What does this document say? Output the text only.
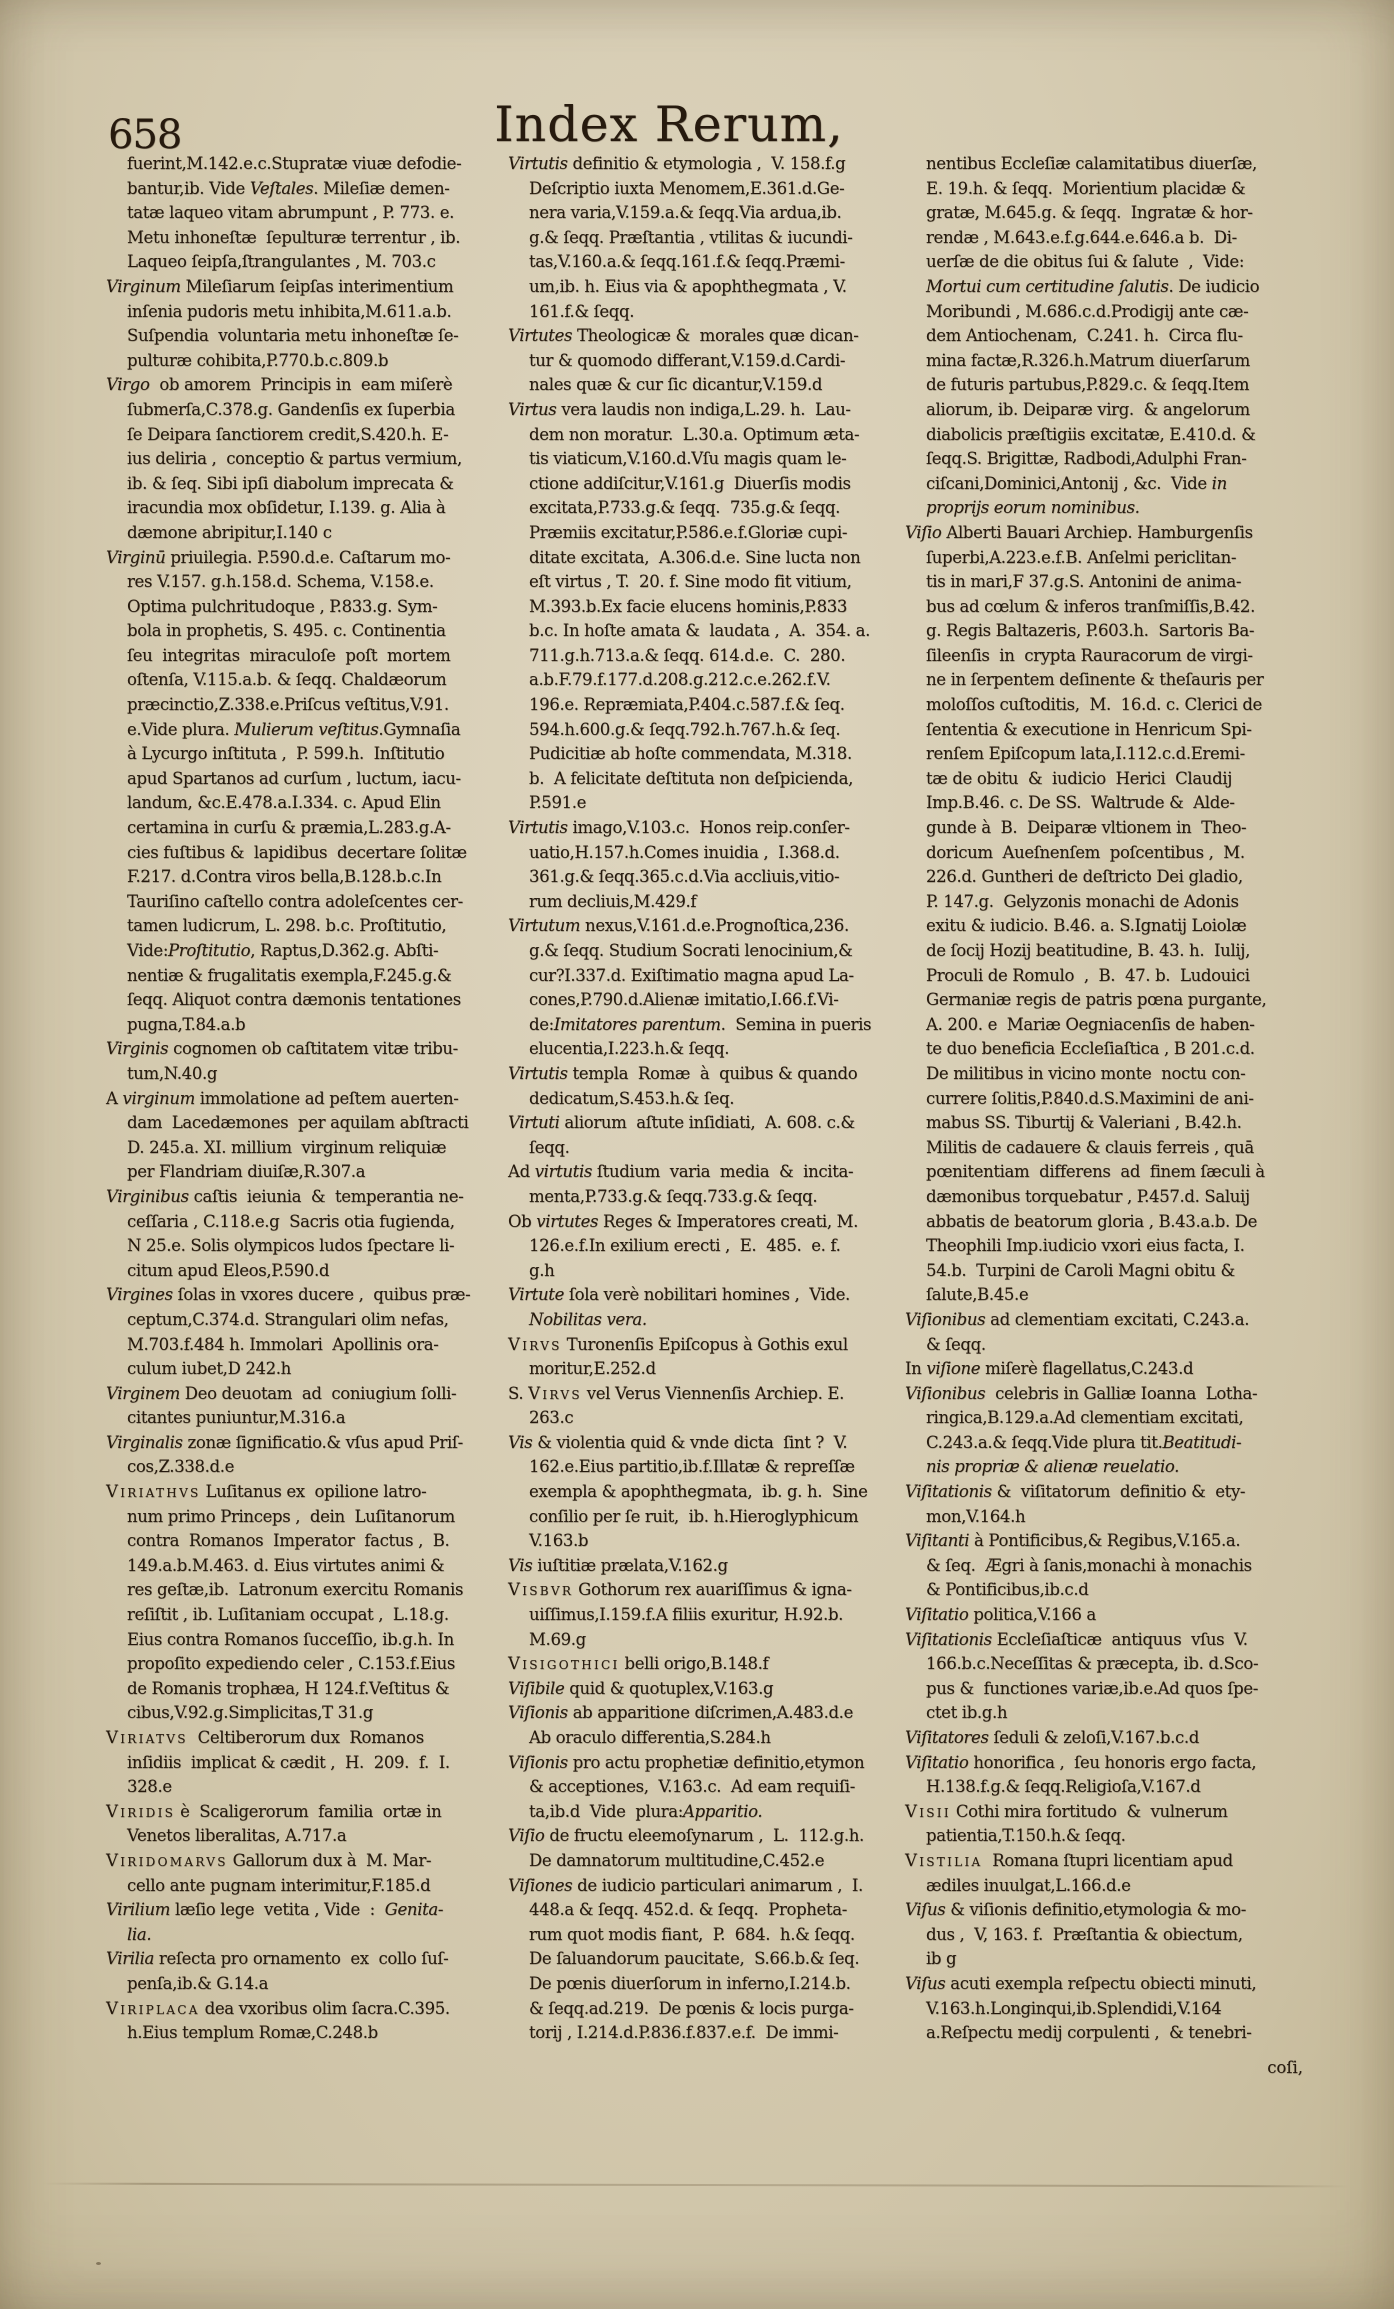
658	Index Rerum,
fuerint,M.142.e.c.Stupratæ viuæ defodie-
bantur,ib. Vide Veſtales. Mileſiæ demen-
tatæ laqueo vitam abrumpunt , P. 773. e.
Metu inhoneſtæ  ſepulturæ terrentur , ib.
Laqueo ſeipſa,ſtrangulantes , M. 703.c
Virginum Mileſiarum ſeipſas interimentium
inſenia pudoris metu inhibita,M.611.a.b.
Suſpendia  voluntaria metu inhoneſtæ ſe-
pulturæ cohibita,P.770.b.c.809.b
Virgo  ob amorem  Principis in  eam miſerè
ſubmerſa,C.378.g. Gandenſis ex ſuperbia
ſe Deipara ſanctiorem credit,S.420.h. E-
ius deliria ,  conceptio & partus vermium,
ib. & ſeq. Sibi ipſi diabolum imprecata &
iracundia mox obſidetur, I.139. g. Alia à
dæmone abripitur,I.140 c
Virginū priuilegia. P.590.d.e. Caſtarum mo-
res V.157. g.h.158.d. Schema, V.158.e.
Optima pulchritudoque , P.833.g. Sym-
bola in prophetis, S. 495. c. Continentia
ſeu  integritas  miraculoſe  poſt  mortem
oſtenſa, V.115.a.b. & ſeqq. Chaldæorum
præcinctio,Z.338.e.Priſcus veſtitus,V.91.
e.Vide plura. Mulierum veſtitus.Gymnaſia
à Lycurgo inſtituta ,  P. 599.h.  Inſtitutio
apud Spartanos ad curſum , luctum, iacu-
landum, &c.E.478.a.I.334. c. Apud Elin
certamina in curſu & præmia,L.283.g.A-
cies fuſtibus &  lapidibus  decertare ſolitæ
F.217. d.Contra viros bella,B.128.b.c.In
Tauriſino caſtello contra adoleſcentes cer-
tamen ludicrum, L. 298. b.c. Proſtitutio,
Vide:Proſtitutio, Raptus,D.362.g. Abſti-
nentiæ & frugalitatis exempla,F.245.g.&
ſeqq. Aliquot contra dæmonis tentationes
pugna,T.84.a.b
Virginis cognomen ob caſtitatem vitæ tribu-
tum,N.40.g
A virginum immolatione ad peſtem auerten-
dam  Lacedæmones  per aquilam abſtracti
D. 245.a. XI. millium  virginum reliquiæ
per Flandriam diuiſæ,R.307.a
Virginibus caſtis  ieiunia  &  temperantia ne-
ceſſaria , C.118.e.g  Sacris otia fugienda,
N 25.e. Solis olympicos ludos ſpectare li-
citum apud Eleos,P.590.d
Virgines ſolas in vxores ducere ,  quibus præ-
ceptum,C.374.d. Strangulari olim nefas,
M.703.f.484 h. Immolari  Apollinis ora-
culum iubet,D 242.h
Virginem Deo deuotam  ad  coniugium ſolli-
citantes puniuntur,M.316.a
Virginalis zonæ ſignificatio.& vſus apud Priſ-
cos,Z.338.d.e
Viriathvs Luſitanus ex  opilione latro-
num primo Princeps ,  dein  Luſitanorum
contra  Romanos  Imperator  factus ,  B.
149.a.b.M.463. d. Eius virtutes animi &
res geſtæ,ib.  Latronum exercitu Romanis
reſiſtit , ib. Luſitaniam occupat ,  L.18.g.
Eius contra Romanos ſucceſſio, ib.g.h. In
propoſito expediendo celer , C.153.f.Eius
de Romanis trophæa, H 124.f.Veſtitus &
cibus,V.92.g.Simplicitas,T 31.g
Viriatvs  Celtiberorum dux  Romanos
inſidiis  implicat & cædit ,  H.  209.  f.  I.
328.e
Viridis è  Scaligerorum  familia  ortæ in
Venetos liberalitas, A.717.a
Viridomarvs Gallorum dux à  M. Mar-
cello ante pugnam interimitur,F.185.d
Virilium læſio lege  vetita , Vide  :  Genita-
lia.
Virilia reſecta pro ornamento  ex  collo ſuſ-
penſa,ib.& G.14.a
Viriplaca dea vxoribus olim ſacra.C.395.
h.Eius templum Romæ,C.248.b
Virtutis definitio & etymologia ,  V. 158.f.g
Deſcriptio iuxta Menomem,E.361.d.Ge-
nera varia,V.159.a.& ſeqq.Via ardua,ib.
g.& ſeqq. Præſtantia , vtilitas & iucundi-
tas,V.160.a.& ſeqq.161.f.& ſeqq.Præmi-
um,ib. h. Eius via & apophthegmata , V.
161.f.& ſeqq.
Virtutes Theologicæ &  morales quæ dican-
tur & quomodo differant,V.159.d.Cardi-
nales quæ & cur ſic dicantur,V.159.d
Virtus vera laudis non indiga,L.29. h.  Lau-
dem non moratur.  L.30.a. Optimum æta-
tis viaticum,V.160.d.Vſu magis quam le-
ctione addiſcitur,V.161.g  Diuerſis modis
excitata,P.733.g.& ſeqq.  735.g.& ſeqq.
Præmiis excitatur,P.586.e.f.Gloriæ cupi-
ditate excitata,  A.306.d.e. Sine lucta non
eſt virtus , T.  20. f. Sine modo fit vitium,
M.393.b.Ex facie elucens hominis,P.833
b.c. In hoſte amata &  laudata ,  A.  354. a.
711.g.h.713.a.& ſeqq. 614.d.e.  C.  280.
a.b.F.79.f.177.d.208.g.212.c.e.262.f.V.
196.e. Repræmiata,P.404.c.587.f.& ſeq.
594.h.600.g.& ſeqq.792.h.767.h.& ſeq.
Pudicitiæ ab hoſte commendata, M.318.
b.  A felicitate deſtituta non deſpicienda,
P.591.e
Virtutis imago,V.103.c.  Honos reip.conſer-
uatio,H.157.h.Comes inuidia ,  I.368.d.
361.g.& ſeqq.365.c.d.Via accliuis,vitio-
rum decliuis,M.429.f
Virtutum nexus,V.161.d.e.Prognoſtica,236.
g.& ſeqq. Studium Socrati lenocinium,&
cur?I.337.d. Exiſtimatio magna apud La-
cones,P.790.d.Alienæ imitatio,I.66.f.Vi-
de:Imitatores parentum.  Semina in pueris
elucentia,I.223.h.& ſeqq.
Virtutis templa  Romæ  à  quibus & quando
dedicatum,S.453.h.& ſeq.
Virtuti aliorum  aſtute inſidiati,  A. 608. c.&
ſeqq.
Ad virtutis ſtudium  varia  media  &  incita-
menta,P.733.g.& ſeqq.733.g.& ſeqq.
Ob virtutes Reges & Imperatores creati, M.
126.e.f.In exilium erecti ,  E.  485.  e. f.
g.h
Virtute ſola verè nobilitari homines ,  Vide.
Nobilitas vera.
Virvs Turonenſis Epiſcopus à Gothis exul
moritur,E.252.d
S. Virvs vel Verus Viennenſis Archiep. E.
263.c
Vis & violentia quid & vnde dicta  ſint ?  V.
162.e.Eius partitio,ib.f.Illatæ & repreſſæ
exempla & apophthegmata,  ib. g. h.  Sine
conſilio per ſe ruit,  ib. h.Hieroglyphicum
V.163.b
Vis iuſtitiæ prælata,V.162.g
Visbvr Gothorum rex auariſſimus & igna-
uiſſimus,I.159.f.A filiis exuritur, H.92.b.
M.69.g
Visigothici belli origo,B.148.f
Viſibile quid & quotuplex,V.163.g
Viſionis ab apparitione diſcrimen,A.483.d.e
Ab oraculo differentia,S.284.h
Viſionis pro actu prophetiæ definitio,etymon
& acceptiones,  V.163.c.  Ad eam requiſi-
ta,ib.d  Vide  plura:Apparitio.
Viſio de fructu eleemoſynarum ,  L.  112.g.h.
De damnatorum multitudine,C.452.e
Viſiones de iudicio particulari animarum ,  I.
448.a & ſeqq. 452.d. & ſeqq.  Propheta-
rum quot modis fiant,  P.  684.  h.& ſeqq.
De ſaluandorum paucitate,  S.66.b.& ſeq.
De pœnis diuerſorum in inferno,I.214.b.
& ſeqq.ad.219.  De pœnis & locis purga-
torij , I.214.d.P.836.f.837.e.f.  De immi-
nentibus Eccleſiæ calamitatibus diuerſæ,
E. 19.h. & ſeqq.  Morientium placidæ &
gratæ, M.645.g. & ſeqq.  Ingratæ & hor-
rendæ , M.643.e.f.g.644.e.646.a b.  Di-
uerſæ de die obitus ſui & ſalute  ,  Vide:
Mortui cum certitudine ſalutis. De iudicio
Moribundi , M.686.c.d.Prodigij ante cæ-
dem Antiochenam,  C.241. h.  Circa flu-
mina factæ,R.326.h.Matrum diuerſarum
de futuris partubus,P.829.c. & ſeqq.Item
aliorum, ib. Deiparæ virg.  & angelorum
diabolicis præſtigiis excitatæ, E.410.d. &
ſeqq.S. Brigittæ, Radbodi,Adulphi Fran-
ciſcani,Dominici,Antonij , &c.  Vide in
proprijs eorum nominibus.
Viſio Alberti Bauari Archiep. Hamburgenſis
ſuperbi,A.223.e.f.B. Anſelmi periclitan-
tis in mari,F 37.g.S. Antonini de anima-
bus ad cœlum & inferos tranſmiſſis,B.42.
g. Regis Baltazeris, P.603.h.  Sartoris Ba-
ſileenſis  in  crypta Rauracorum de virgi-
ne in ſerpentem deſinente & theſauris per
moloſſos cuſtoditis,  M.  16.d. c. Clerici de
ſententia & executione in Henricum Spi-
renſem Epiſcopum lata,I.112.c.d.Eremi-
tæ de obitu  &  iudicio  Herici  Claudij
Imp.B.46. c. De SS.  Waltrude &  Alde-
gunde à  B.  Deiparæ vltionem in  Theo-
doricum  Aueſnenſem  poſcentibus ,  M.
226.d. Guntheri de deſtricto Dei gladio,
P. 147.g.  Gelyzonis monachi de Adonis
exitu & iudicio. B.46. a. S.Ignatij Loiolæ
de ſocij Hozij beatitudine, B. 43. h.  Iulij,
Proculi de Romulo  ,  B.  47. b.  Ludouici
Germaniæ regis de patris pœna purgante,
A. 200. e  Mariæ Oegniacenſis de haben-
te duo beneficia Eccleſiaſtica , B 201.c.d.
De militibus in vicino monte  noctu con-
currere ſolitis,P.840.d.S.Maximini de ani-
mabus SS. Tiburtij & Valeriani , B.42.h.
Militis de cadauere & clauis ferreis , quā
pœnitentiam  differens  ad  finem ſæculi à
dæmonibus torquebatur , P.457.d. Saluij
abbatis de beatorum gloria , B.43.a.b. De
Theophili Imp.iudicio vxori eius facta, I.
54.b.  Turpini de Caroli Magni obitu &
ſalute,B.45.e
Viſionibus ad clementiam excitati, C.243.a.
& ſeqq.
In viſione miſerè flagellatus,C.243.d
Viſionibus  celebris in Galliæ Ioanna  Lotha-
ringica,B.129.a.Ad clementiam excitati,
C.243.a.& ſeqq.Vide plura tit.Beatitudi-
nis propriæ & alienæ reuelatio.
Viſitationis &  viſitatorum  definitio &  ety-
mon,V.164.h
Viſitanti à Pontificibus,& Regibus,V.165.a.
& ſeq.  Ægri à ſanis,monachi à monachis
& Pontificibus,ib.c.d
Viſitatio politica,V.166 a
Viſitationis Eccleſiaſticæ  antiquus  vſus  V.
166.b.c.Neceſſitas & præcepta, ib. d.Sco-
pus &  functiones variæ,ib.e.Ad quos ſpe-
ctet ib.g.h
Viſitatores ſeduli & zeloſi,V.167.b.c.d
Viſitatio honorifica ,  ſeu honoris ergo facta,
H.138.f.g.& ſeqq.Religioſa,V.167.d
Visii Cothi mira fortitudo  &  vulnerum
patientia,T.150.h.& ſeqq.
Vistilia  Romana ſtupri licentiam apud
ædiles inuulgat,L.166.d.e
Viſus & viſionis definitio,etymologia & mo-
dus ,  V, 163. f.  Præſtantia & obiectum,
ib g
Viſus acuti exempla reſpectu obiecti minuti,
V.163.h.Longinqui,ib.Splendidi,V.164
a.Reſpectu medij corpulenti ,  & tenebri-
coſi,
